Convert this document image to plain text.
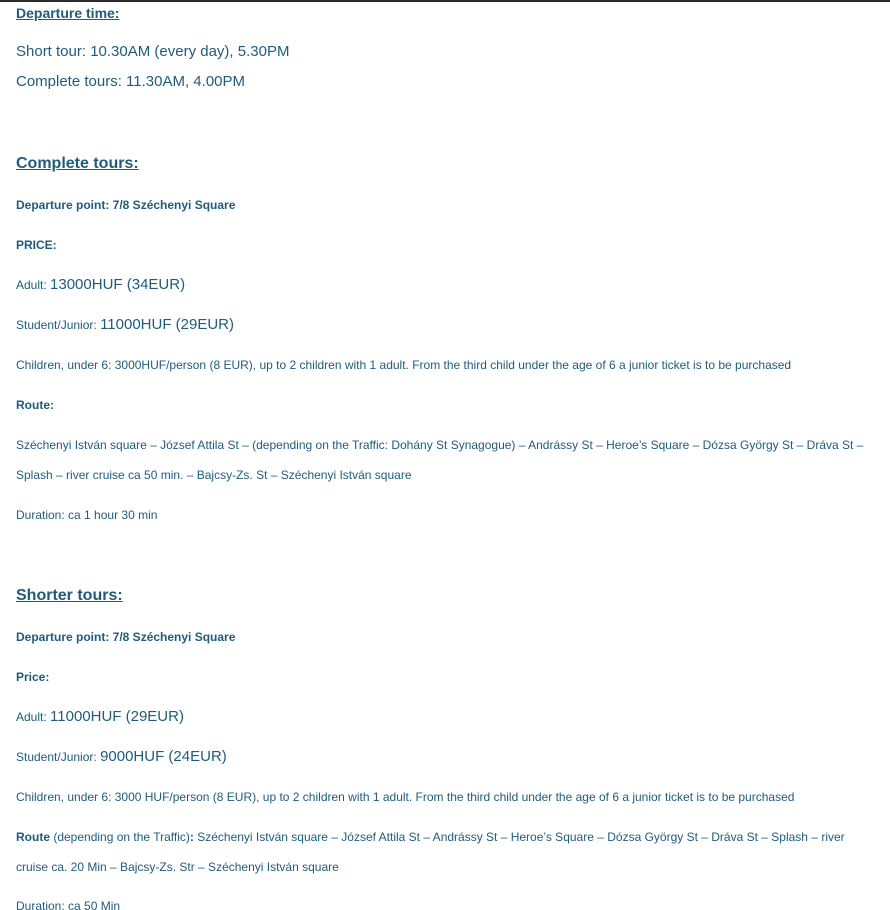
Departure time:
Short tour: 10.30AM (every day), 5.30PM
Complete tours: 11.30AM, 4.00PM
Complete tours:
Departure point: 7/8 Széchenyi Square
PRICE:
Adult: 13000HUF (34EUR)
Student/Junior: 11000HUF (29EUR)
Children, under 6: 3000HUF/person (8 EUR), up to 2 children with 1 adult. From the third child under the age of 6 a junior ticket is to be purchased
Route:
Széchenyi István square – József Attila St – (depending on the Traffic: Dohány St Synagogue) – Andrássy St – Heroe’s Square – Dózsa György St – Dráva St –
Splash – river cruise ca 50 min. – Bajcsy-Zs. St – Széchenyi István square
Duration: ca 1 hour 30 min
Shorter tours:
Departure point: 7/8 Széchenyi Square
Price:
Adult: 11000HUF (29EUR)
Student/Junior: 9000HUF (24EUR)
Children, under 6: 3000 HUF/person (8 EUR), up to 2 children with 1 adult. From the third child under the age of 6 a junior ticket is to be purchased
Route (depending on the Traffic): Széchenyi István square – József Attila St – Andrássy St – Heroe’s Square – Dózsa György St – Dráva St – Splash – river
cruise ca. 20 Min – Bajcsy-Zs. Str – Széchenyi István square
Duration: ca 50 Min
